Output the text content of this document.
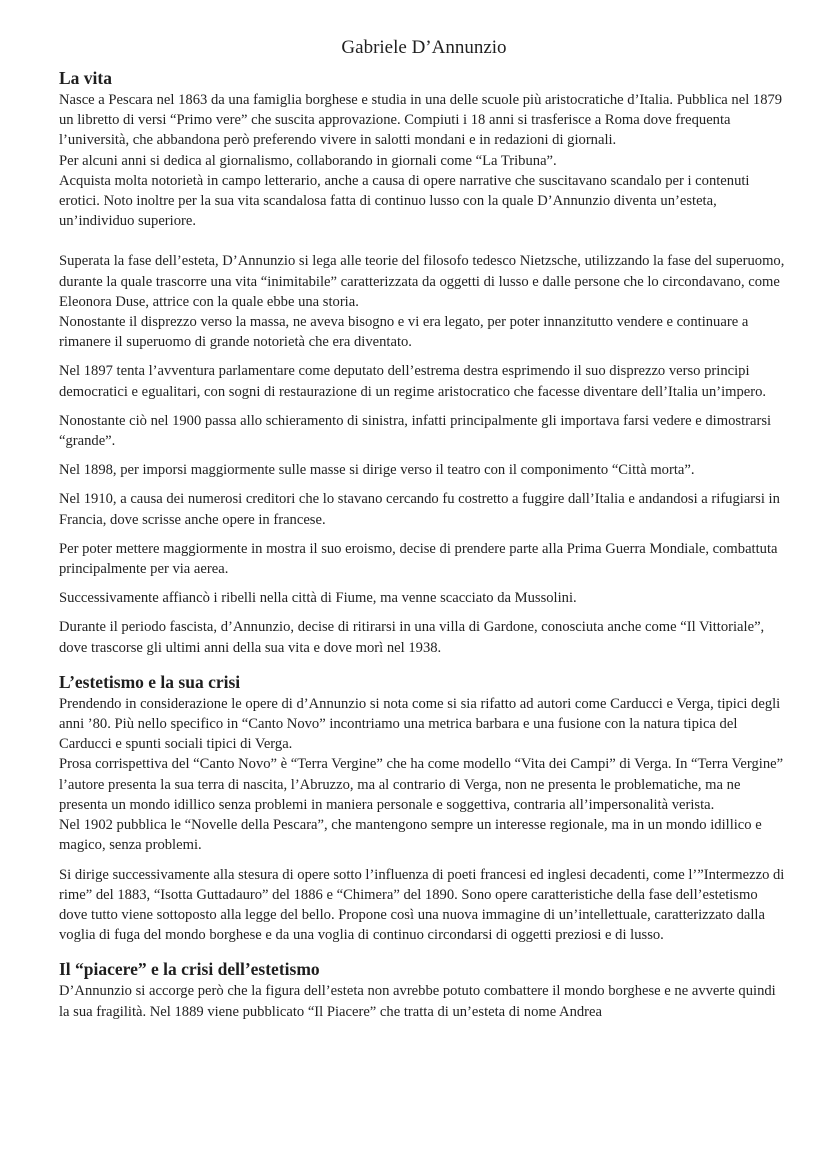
Gabriele D’Annunzio
La vita

Nasce a Pescara nel 1863 da una famiglia borghese e studia in una delle scuole più aristocratiche d’Italia. Pubblica nel 1879 un libretto di versi “Primo vere” che suscita approvazione. Compiuti i 18 anni si trasferisce a Roma dove frequenta l’università, che abbandona però preferendo vivere in salotti mondani e in redazioni di giornali.

Per alcuni anni si dedica al giornalismo, collaborando in giornali come “La Tribuna”.

Acquista molta notorietà in campo letterario, anche a causa di opere narrative che suscitavano scandalo per i contenuti erotici. Noto inoltre per la sua vita scandalosa fatta di continuo lusso con la quale D’Annunzio diventa un’esteta, un’individuo superiore.

Superata la fase dell’esteta, D’Annunzio si lega alle teorie del filosofo tedesco Nietzsche, utilizzando la fase del superuomo, durante la quale trascorre una vita “inimitabile” caratterizzata da oggetti di lusso e dalle persone che lo circondavano, come Eleonora Duse, attrice con la quale ebbe una storia.

Nonostante il disprezzo verso la massa, ne aveva bisogno e vi era legato, per poter innanzitutto vendere e continuare a rimanere il superuomo di grande notorietà che era diventato.

Nel 1897 tenta l’avventura parlamentare come deputato dell’estrema destra esprimendo il suo disprezzo verso principi democratici e egualitari, con sogni di restaurazione di un regime aristocratico che facesse diventare dell’Italia un’impero.

Nonostante ciò nel 1900 passa allo schieramento di sinistra, infatti principalmente gli importava farsi vedere e dimostrarsi “grande”.

Nel 1898, per imporsi maggiormente sulle masse si dirige verso il teatro con il componimento “Città morta”.

Nel 1910, a causa dei numerosi creditori che lo stavano cercando fu costretto a fuggire dall’Italia e andandosi a rifugiarsi in Francia, dove scrisse anche opere in francese.

Per poter mettere maggiormente in mostra il suo eroismo, decise di prendere parte alla Prima Guerra Mondiale, combattuta principalmente per via aerea.

Successivamente affiancò i ribelli nella città di Fiume, ma venne scacciato da Mussolini.

Durante il periodo fascista, d’Annunzio, decise di ritirarsi in una villa di Gardone, conosciuta anche come “Il Vittoriale”, dove trascorse gli ultimi anni della sua vita e dove morì nel 1938.

L’estetismo e la sua crisi

Prendendo in considerazione le opere di d’Annunzio si nota come si sia rifatto ad autori come Carducci e Verga, tipici degli anni ’80. Più nello specifico in “Canto Novo” incontriamo una metrica barbara e una fusione con la natura tipica del Carducci e spunti sociali tipici di Verga.

Prosa corrispettiva del “Canto Novo” è “Terra Vergine” che ha come modello “Vita dei Campi” di Verga. In “Terra Vergine” l’autore presenta la sua terra di nascita, l’Abruzzo, ma al contrario di Verga, non ne presenta le problematiche, ma ne presenta un mondo idillico senza problemi in maniera personale e soggettiva, contraria all’impersonalità verista.

Nel 1902 pubblica le “Novelle della Pescara”, che mantengono sempre un interesse regionale, ma in un mondo idillico e magico, senza problemi.

Si dirige successivamente alla stesura di opere sotto l’influenza di poeti francesi ed inglesi decadenti, come l’”Intermezzo di rime” del 1883, “Isotta Guttadauro” del 1886 e “Chimera” del 1890. Sono opere caratteristiche della fase dell’estetismo dove tutto viene sottoposto alla legge del bello. Propone così una nuova immagine di un’intellettuale, caratterizzato dalla voglia di fuga del mondo borghese e da una voglia di continuo circondarsi di oggetti preziosi e di lusso.

Il “piacere” e la crisi dell’estetismo

D’Annunzio si accorge però che la figura dell’esteta non avrebbe potuto combattere il mondo borghese e ne avverte quindi la sua fragilità. Nel 1889 viene pubblicato “Il Piacere” che tratta di un’esteta di nome Andrea
